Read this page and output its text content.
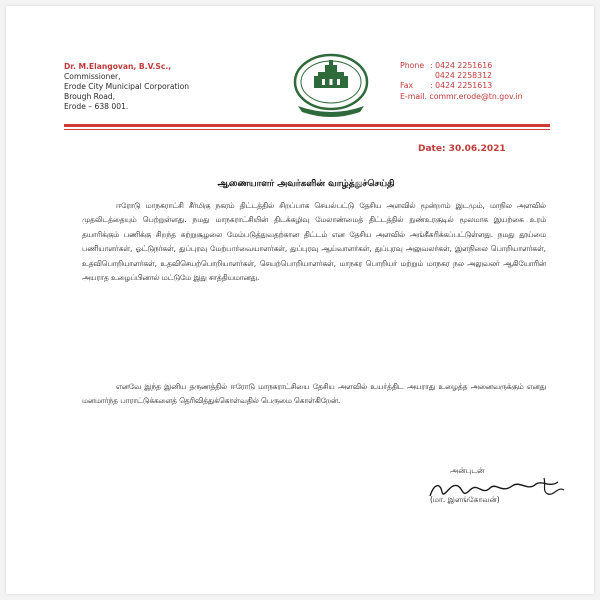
Dr. M.Elangovan, B.V.Sc.,
Commissioner,
Erode City Municipal Corporation
Brough Road,
Erode – 638 001.
Phone : 0424 2251616
0424 2258312
Fax : 0424 2251613
E-mail. commr.erode@tn.gov.in
Date: 30.06.2021
ஆணையாளர் அவர்களின் வாழ்த்துச்செய்தி
ஈரோடு மாநகராட்சி சீர்மிகு நகரம் திட்டத்தில் சிறப்பாக செயல்பட்டு தேசிய அளவில் மூன்றாம் இடமும், மாநில அளவில் முதலிடத்தையும் பெற்றுள்ளது. நமது மாநகராட்சியின் திடக்கழிவு மேலாண்மைத் திட்டத்தில் நுண்உரகுடில் மூலமாக இயற்கை உரம் தயாரிக்கும் பணிக்கு சிறந்த சுற்றுசூழலை மேம்படுத்துவதற்கான திட்டம் என தேசிய அளவில் அங்கீகரிக்கப்பட்டுள்ளது. நமது தூய்மை பணியாளர்கள், ஓட்டுநர்கள், துப்புரவு மேற்பார்வையாளர்கள், துப்புரவு ஆய்வாளர்கள், துப்புரவு அலுவலர்கள், இளநிலை பொறியாளர்கள், உதவிபொறியாளர்கள், உதவிசெயற்பொறியாளர்கள், செயற்பொறியாளர்கள், மாநகர பொறியர் மற்றும் மாநகர நல அலுவலர் ஆகியோரின் அயராத உழைப்பினால் மட்டுமே இது சாத்தியமானது.
எனவே இந்த இனிய தருணத்தில் ஈரோடு மாநகராட்சியை தேசிய அளவில் உயர்த்திட அயராது உழைத்த அனைவருக்கும் எனது மனமார்ந்த பாராட்டுக்களைத் தெரிவித்துக்கொள்வதில் பெருமை கொள்கிறேன்.
அன்புடன்
(மா. இளங்கோவன்)
